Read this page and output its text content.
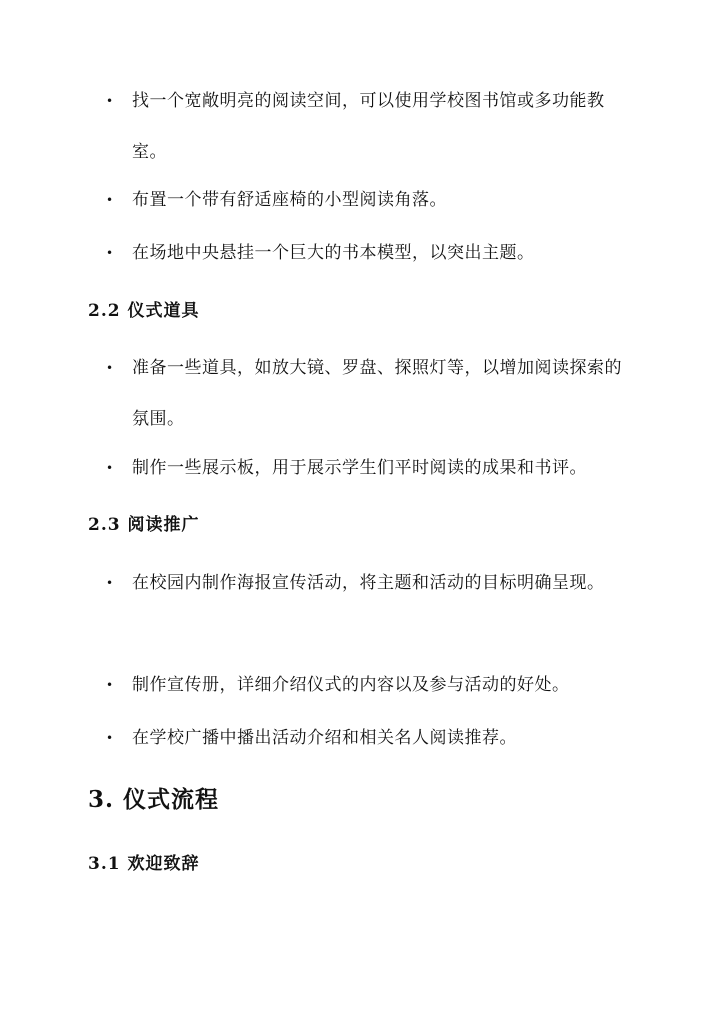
•	找一个宽敞明亮的阅读空间，可以使用学校图书馆或多功能教室。
•	布置一个带有舒适座椅的小型阅读角落。
•	在场地中央悬挂一个巨大的书本模型，以突出主题。
2.2 仪式道具
•	准备一些道具，如放大镜、罗盘、探照灯等，以增加阅读探索的氛围。
•	制作一些展示板，用于展示学生们平时阅读的成果和书评。
2.3 阅读推广
•	在校园内制作海报宣传活动，将主题和活动的目标明确呈现。
•	制作宣传册，详细介绍仪式的内容以及参与活动的好处。
•	在学校广播中播出活动介绍和相关名人阅读推荐。
3. 仪式流程
3.1 欢迎致辞
